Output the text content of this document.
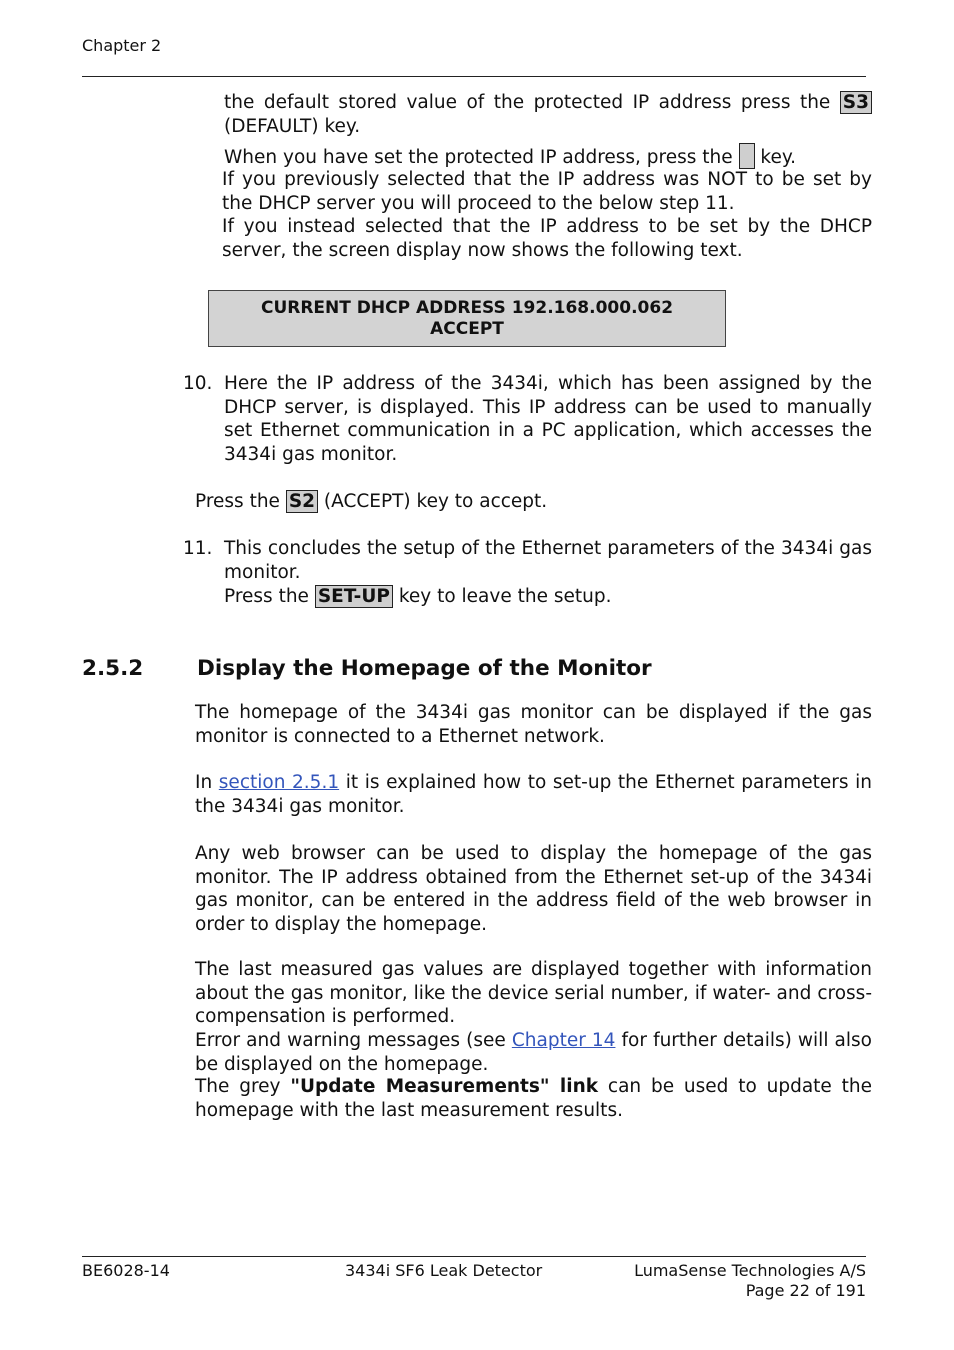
Chapter 2
the default stored value of the protected IP address press the S3 (DEFAULT) key.
When you have set the protected IP address, press the  key.
If you previously selected that the IP address was NOT to be set by the DHCP server you will proceed to the below step 11.
If you instead selected that the IP address to be set by the DHCP server, the screen display now shows the following text.
CURRENT DHCP ADDRESS 192.168.000.062
ACCEPT
10. Here the IP address of the 3434i, which has been assigned by the DHCP server, is displayed. This IP address can be used to manually set Ethernet communication in a PC application, which accesses the 3434i gas monitor.
Press the S2 (ACCEPT) key to accept.
11. This concludes the setup of the Ethernet parameters of the 3434i gas monitor.
Press the SET-UP key to leave the setup.
2.5.2	Display the Homepage of the Monitor
The homepage of the 3434i gas monitor can be displayed if the gas monitor is connected to a Ethernet network.
In section 2.5.1 it is explained how to set-up the Ethernet parameters in the 3434i gas monitor.
Any web browser can be used to display the homepage of the gas monitor. The IP address obtained from the Ethernet set-up of the 3434i gas monitor, can be entered in the address field of the web browser in order to display the homepage.
The last measured gas values are displayed together with information about the gas monitor, like the device serial number, if water- and cross-compensation is performed.
Error and warning messages (see Chapter 14 for further details) will also be displayed on the homepage.
The grey "Update Measurements" link can be used to update the homepage with the last measurement results.
BE6028-14	3434i SF6 Leak Detector	LumaSense Technologies A/S
Page 22 of 191
